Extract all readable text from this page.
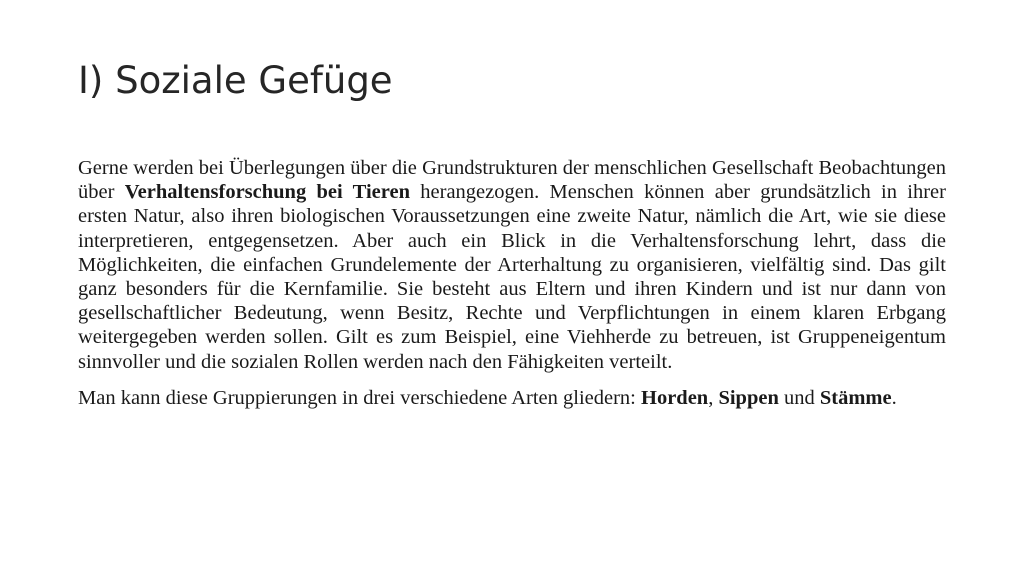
I) Soziale Gefüge

Gerne werden bei Überlegungen über die Grundstrukturen der menschlichen Gesellschaft Beobachtungen über Verhaltensforschung bei Tieren herangezogen. Menschen können aber grundsätzlich in ihrer ersten Natur, also ihren biologischen Voraussetzungen eine zweite Natur, nämlich die Art, wie sie diese interpretieren, entgegensetzen. Aber auch ein Blick in die Verhaltensforschung lehrt, dass die Möglichkeiten, die einfachen Grundelemente der Arterhaltung zu organisieren, vielfältig sind. Das gilt ganz besonders für die Kernfamilie. Sie besteht aus Eltern und ihren Kindern und ist nur dann von gesellschaftlicher Bedeutung, wenn Besitz, Rechte und Verpflichtungen in einem klaren Erbgang weitergegeben werden sollen. Gilt es zum Beispiel, eine Viehherde zu betreuen, ist Gruppeneigentum sinnvoller und die sozialen Rollen werden nach den Fähigkeiten verteilt.

Man kann diese Gruppierungen in drei verschiedene Arten gliedern: Horden, Sippen und Stämme.
